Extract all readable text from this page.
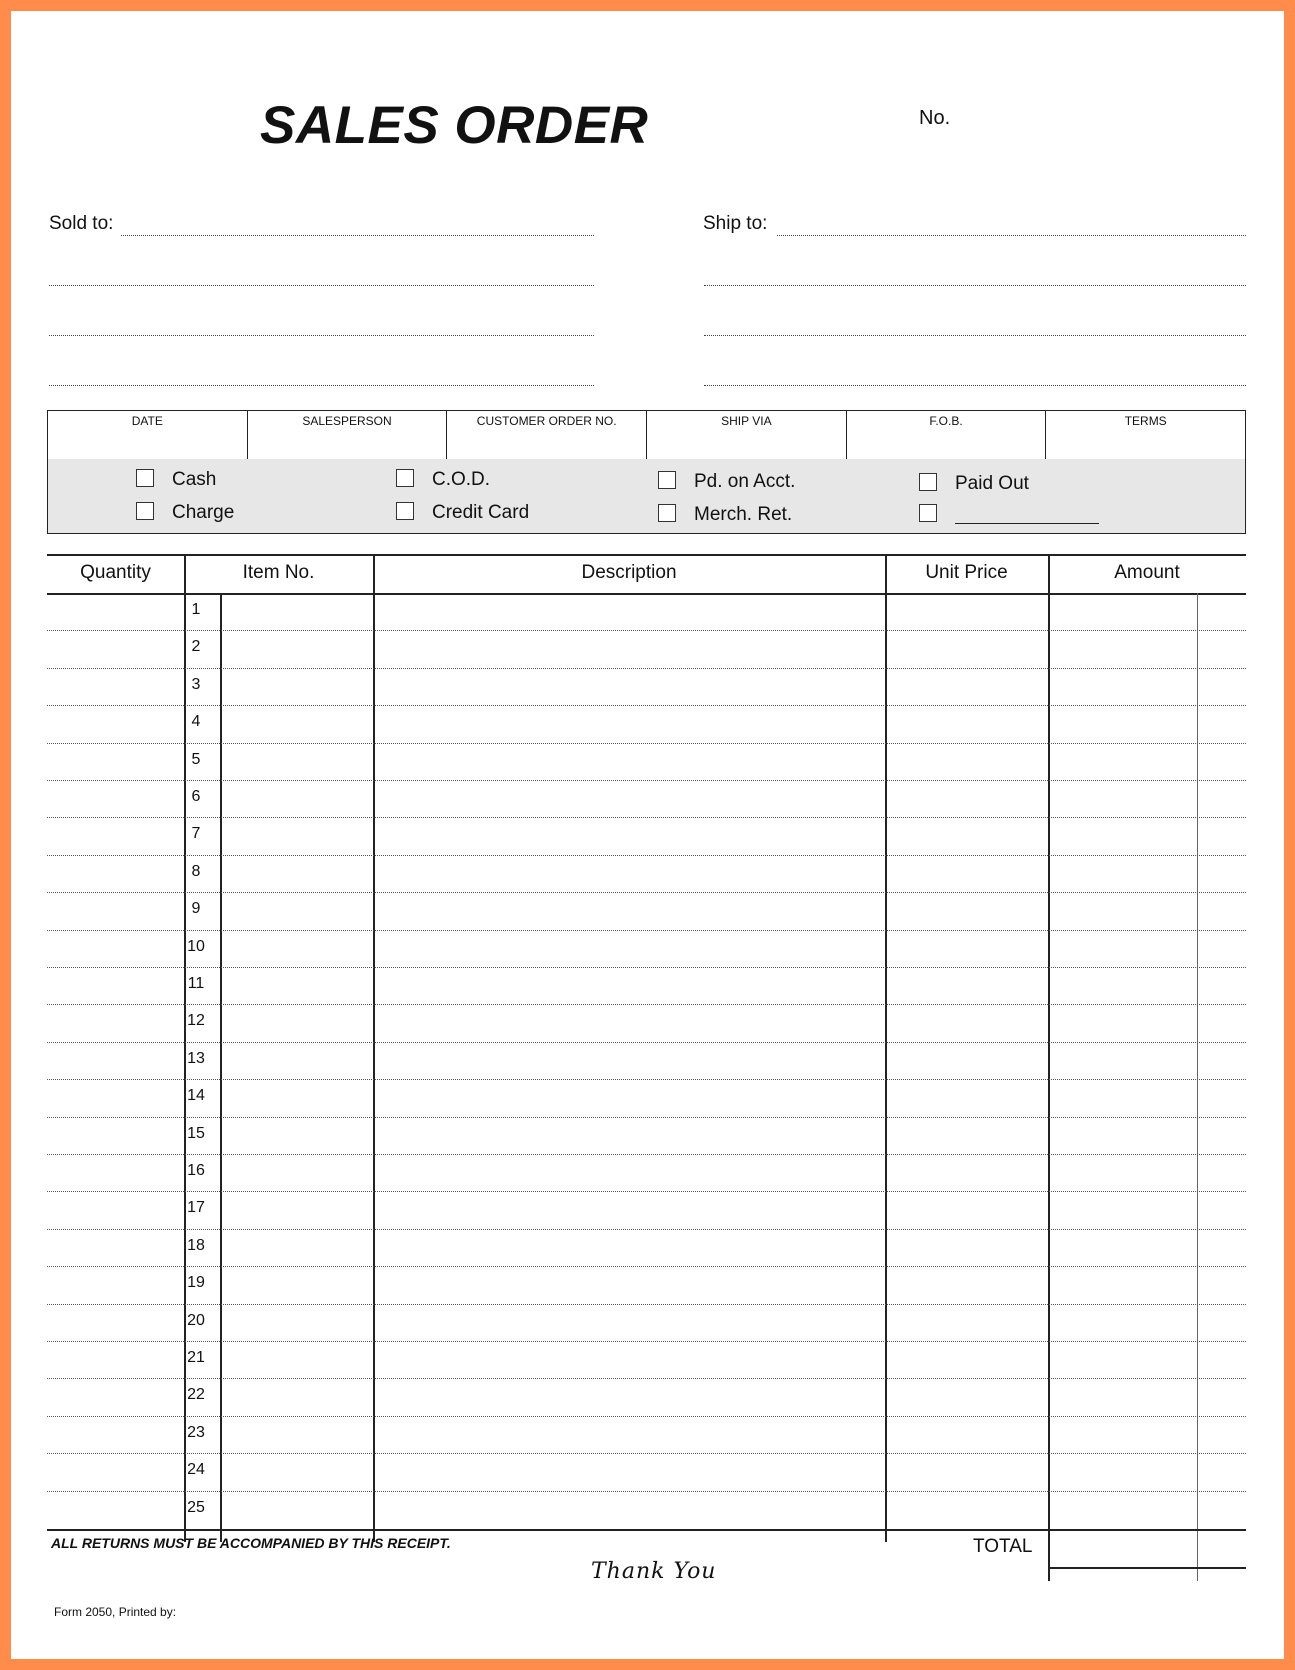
SALES ORDER	No.
Sold to:	Ship to:
DATE	SALESPERSON	CUSTOMER ORDER NO.	SHIP VIA	F.O.B.	TERMS
Cash
Charge
C.O.D.
Credit Card
Pd. on Acct.
Merch. Ret.
Paid Out
Quantity	Item No.	Description	Unit Price	Amount
1
2
3
4
5
6
7
8
9
10
11
12
13
14
15
16
17
18
19
20
21
22
23
24
25
ALL RETURNS MUST BE ACCOMPANIED BY THIS RECEIPT.	TOTAL
Thank You
Form 2050, Printed by:
